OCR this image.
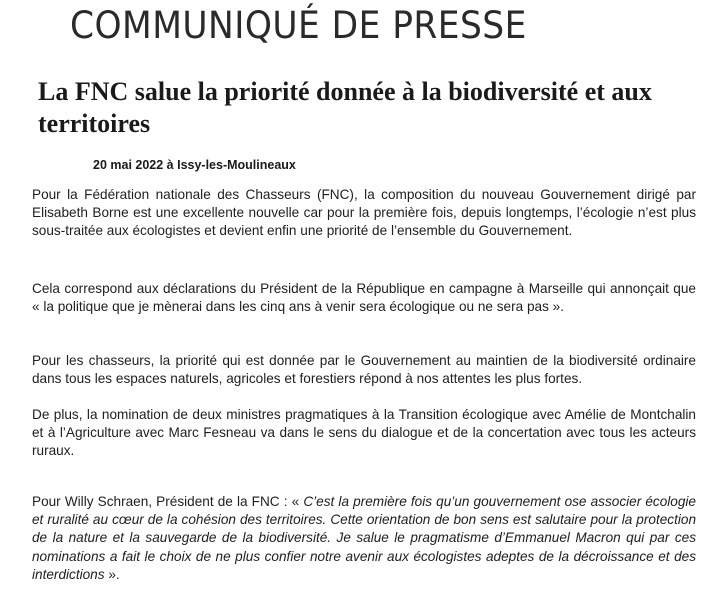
COMMUNIQUÉ DE PRESSE
La FNC salue la priorité donnée à la biodiversité et aux territoires
20 mai 2022 à Issy-les-Moulineaux

Pour la Fédération nationale des Chasseurs (FNC), la composition du nouveau Gouvernement dirigé par Elisabeth Borne est une excellente nouvelle car pour la première fois, depuis longtemps, l’écologie n’est plus sous-traitée aux écologistes et devient enfin une priorité de l’ensemble du Gouvernement.

Cela correspond aux déclarations du Président de la République en campagne à Marseille qui annonçait que « la politique que je mènerai dans les cinq ans à venir sera écologique ou ne sera pas ».

Pour les chasseurs, la priorité qui est donnée par le Gouvernement au maintien de la biodiversité ordinaire dans tous les espaces naturels, agricoles et forestiers répond à nos attentes les plus fortes.

De plus, la nomination de deux ministres pragmatiques à la Transition écologique avec Amélie de Montchalin et à l’Agriculture avec Marc Fesneau va dans le sens du dialogue et de la concertation avec tous les acteurs ruraux.

Pour Willy Schraen, Président de la FNC : « C’est la première fois qu’un gouvernement ose associer écologie et ruralité au cœur de la cohésion des territoires. Cette orientation de bon sens est salutaire pour la protection de la nature et la sauvegarde de la biodiversité. Je salue le pragmatisme d’Emmanuel Macron qui par ces nominations a fait le choix de ne plus confier notre avenir aux écologistes adeptes de la décroissance et des interdictions ».
